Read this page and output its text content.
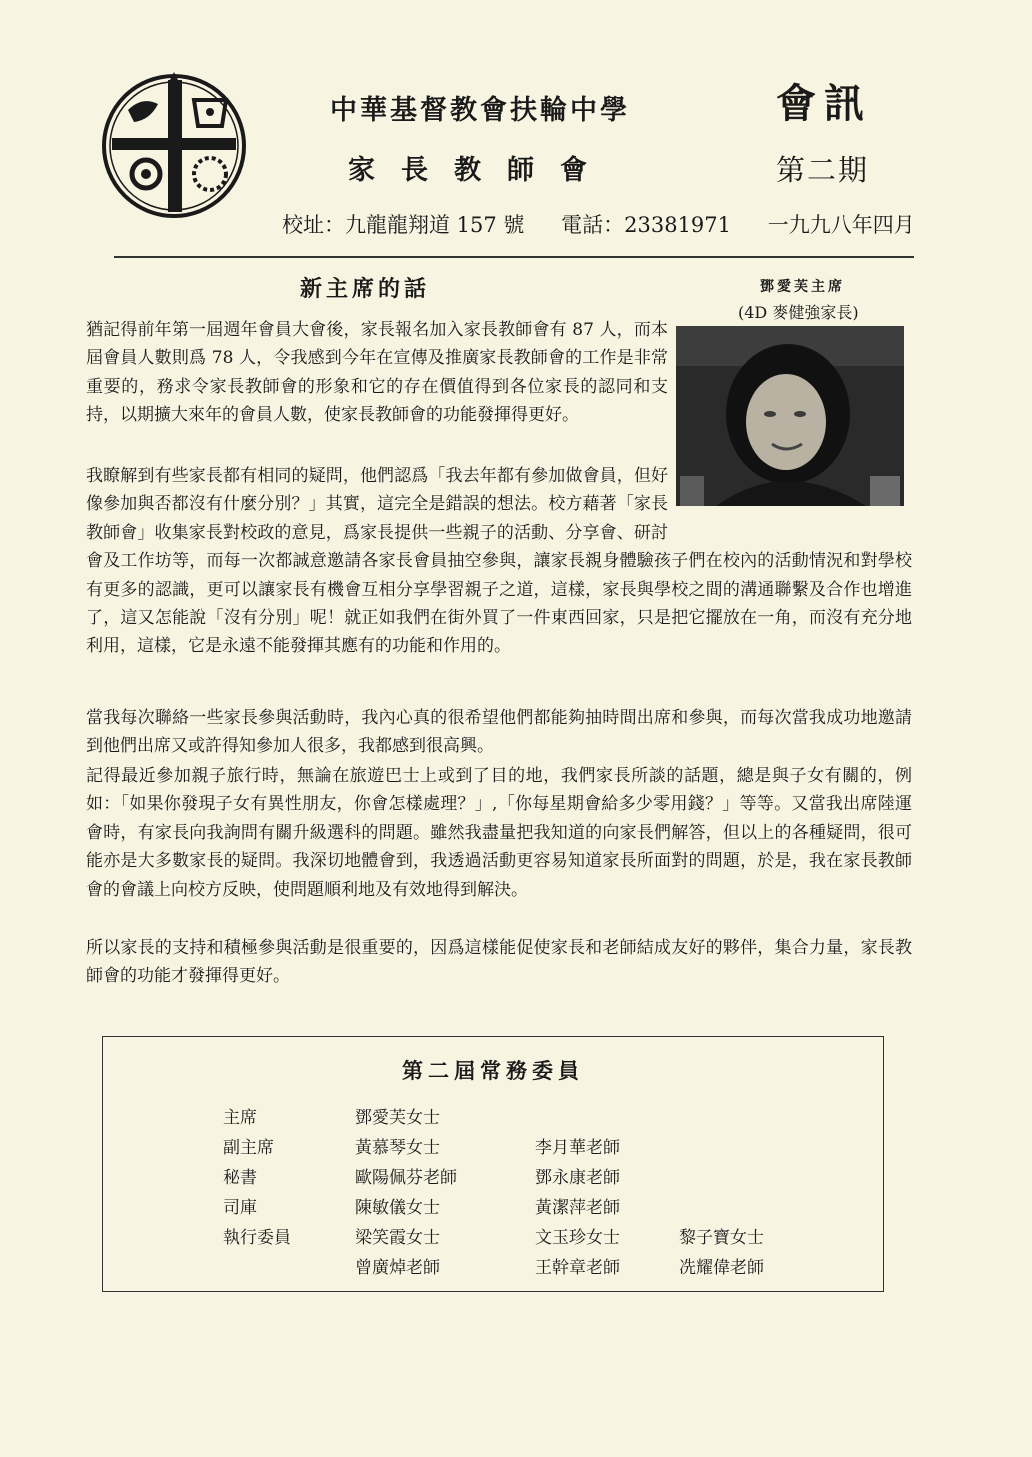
中華基督教會扶輪中學
家長教師會
會訊
第二期
校址：九龍龍翔道 157 號 電話：23381971 一九九八年四月
新主席的話	鄧愛芙主席
(4D 麥健強家長)
猶記得前年第一屆週年會員大會後，家長報名加入家長教師會有 87 人，而本屆會員人數則爲 78 人，令我感到今年在宣傳及推廣家長教師會的工作是非常重要的，務求令家長教師會的形象和它的存在價值得到各位家長的認同和支持，以期擴大來年的會員人數，使家長教師會的功能發揮得更好。
我瞭解到有些家長都有相同的疑問，他們認爲「我去年都有參加做會員，但好像參加與否都沒有什麼分別？」其實，這完全是錯誤的想法。校方藉著「家長教師會」收集家長對校政的意見，爲家長提供一些親子的活動、分享會、研討會及工作坊等，而每一次都誠意邀請各家長會員抽空參與，讓家長親身體驗孩子們在校內的活動情況和對學校有更多的認識，更可以讓家長有機會互相分享學習親子之道，這樣，家長與學校之間的溝通聯繫及合作也增進了，這又怎能說「沒有分別」呢！就正如我們在街外買了一件東西回家，只是把它擺放在一角，而沒有充分地利用，這樣，它是永遠不能發揮其應有的功能和作用的。
當我每次聯絡一些家長參與活動時，我內心真的很希望他們都能夠抽時間出席和參與，而每次當我成功地邀請到他們出席又或許得知參加人很多，我都感到很高興。
記得最近參加親子旅行時，無論在旅遊巴士上或到了目的地，我們家長所談的話題，總是與子女有關的，例如：「如果你發現子女有異性朋友，你會怎樣處理？」,「你每星期會給多少零用錢？」等等。又當我出席陸運會時，有家長向我詢問有關升級選科的問題。雖然我盡量把我知道的向家長們解答，但以上的各種疑問，很可能亦是大多數家長的疑問。我深切地體會到，我透過活動更容易知道家長所面對的問題，於是，我在家長教師會的會議上向校方反映，使問題順利地及有效地得到解決。
所以家長的支持和積極參與活動是很重要的，因爲這樣能促使家長和老師結成友好的夥伴，集合力量，家長教師會的功能才發揮得更好。
第二屆常務委員
主席	鄧愛芙女士
副主席	黃慕琴女士	李月華老師
秘書	歐陽佩芬老師	鄧永康老師
司庫	陳敏儀女士	黃潔萍老師
執行委員	梁笑霞女士	文玉珍女士	黎子寶女士
曾廣焯老師	王幹章老師	冼耀偉老師
